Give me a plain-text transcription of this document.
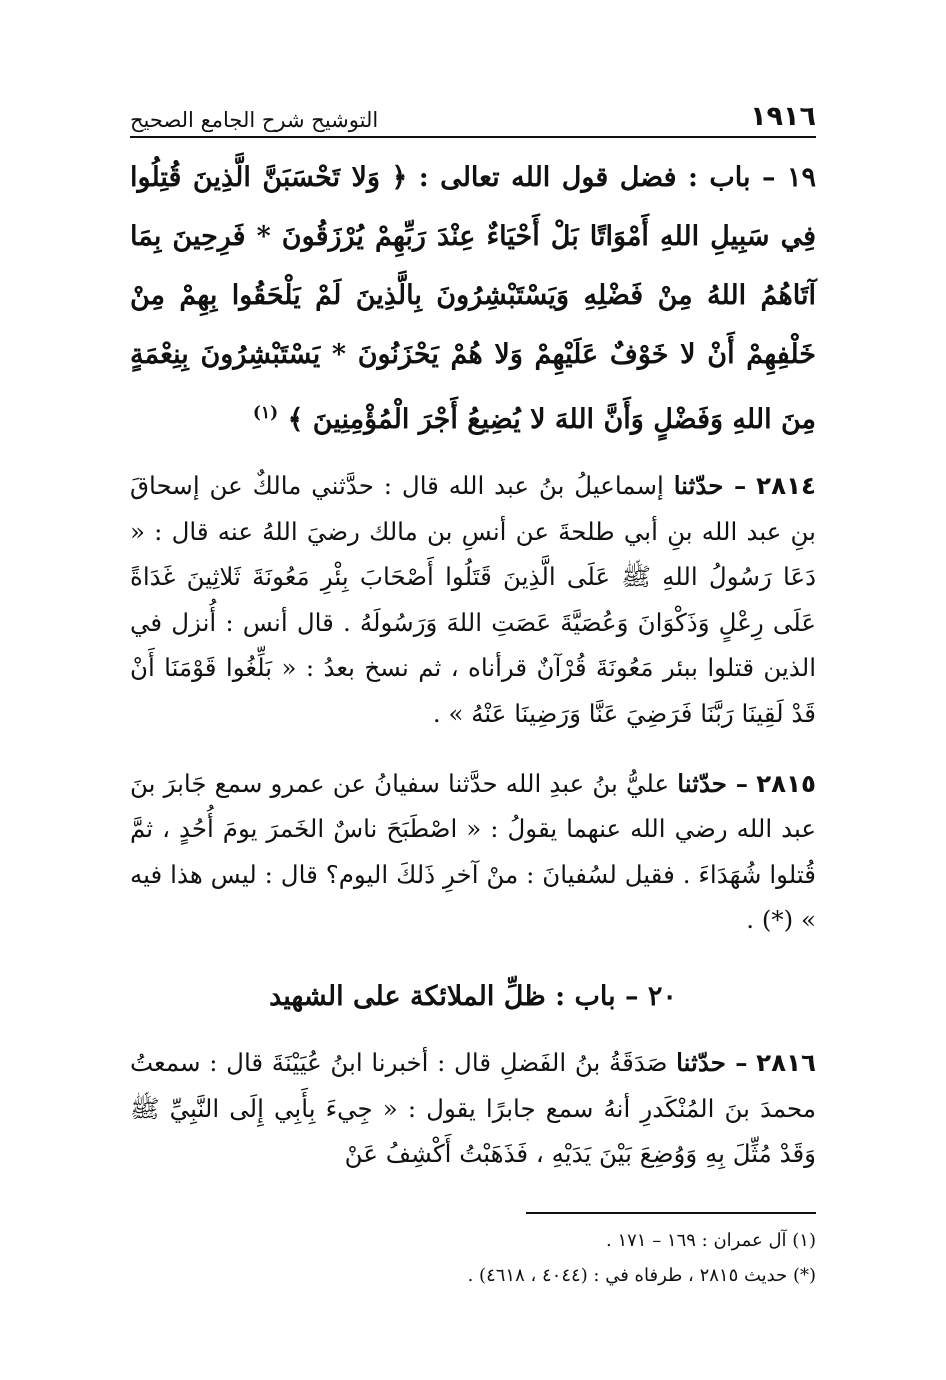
١٩١٦
التوشيح شرح الجامع الصحيح
١٩ – باب : فضل قول الله تعالى : ﴿ وَلا تَحْسَبَنَّ الَّذِينَ قُتِلُوا فِي سَبِيلِ اللهِ أَمْوَاتًا بَلْ أَحْيَاءٌ عِنْدَ رَبِّهِمْ يُرْزَقُونَ * فَرِحِينَ بِمَا آتَاهُمُ اللهُ مِنْ فَضْلِهِ وَيَسْتَبْشِرُونَ بِالَّذِينَ لَمْ يَلْحَقُوا بِهِمْ مِنْ خَلْفِهِمْ أَنْ لا خَوْفٌ عَلَيْهِمْ وَلا هُمْ يَحْزَنُونَ * يَسْتَبْشِرُونَ بِنِعْمَةٍ مِنَ اللهِ وَفَضْلٍ وَأَنَّ اللهَ لا يُضِيعُ أَجْرَ الْمُؤْمِنِينَ ﴾ $^{(١)}$

٢٨١٤ – حدّثنا إسماعيلُ بنُ عبد الله قال : حدَّثني مالكٌ عن إسحاقَ بنِ عبد الله بنِ أبي طلحةَ عن أنسِ بن مالك رضيَ اللهُ عنه قال : « دَعَا رَسُولُ اللهِ ﷺ عَلَى الَّذِينَ قَتَلُوا أَصْحَابَ بِئْرِ مَعُونَةَ ثَلاثِينَ غَدَاةً عَلَى رِعْلٍ وَذَكْوَانَ وَعُصَيَّةَ عَصَتِ اللهَ وَرَسُولَهُ . قال أنس : أُنزل في الذين قتلوا ببئر مَعُونَةَ قُرْآنٌ قرأناه ، ثم نسخ بعدُ : « بَلِّغُوا قَوْمَنَا أَنْ قَدْ لَقِينَا رَبَّنَا فَرَضِيَ عَنَّا وَرَضِينَا عَنْهُ » .

٢٨١٥ – حدّثنا عليُّ بنُ عبدِ الله حدَّثنا سفيانُ عن عمرو سمع جَابرَ بنَ عبد الله رضي الله عنهما يقولُ : « اصْطَبَحَ ناسٌ الخَمرَ يومَ أُحُدٍ ، ثمَّ قُتلوا شُهَدَاءَ . فقيل لسُفيانَ : منْ آخرِ ذَلكَ اليوم؟ قال : ليس هذا فيه » (*) .

٢٠ – باب : ظلِّ الملائكة على الشهيد

٢٨١٦ – حدّثنا صَدَقَةُ بنُ الفَضلِ قال : أخبرنا ابنُ عُيَيْنَةَ قال : سمعتُ محمدَ بنَ المُنْكَدرِ أنهُ سمع جابرًا يقول : « جِيءَ بِأَبِي إِلَى النَّبِيِّ ﷺ وَقَدْ مُثِّلَ بِهِ وَوُضِعَ بَيْنَ يَدَيْهِ ، فَذَهَبْتُ أَكْشِفُ عَنْ

(١) آل عمران : ١٦٩ – ١٧١ .

(*) حديث ٢٨١٥ ، طرفاه في : (٤٠٤٤ ، ٤٦١٨) .
